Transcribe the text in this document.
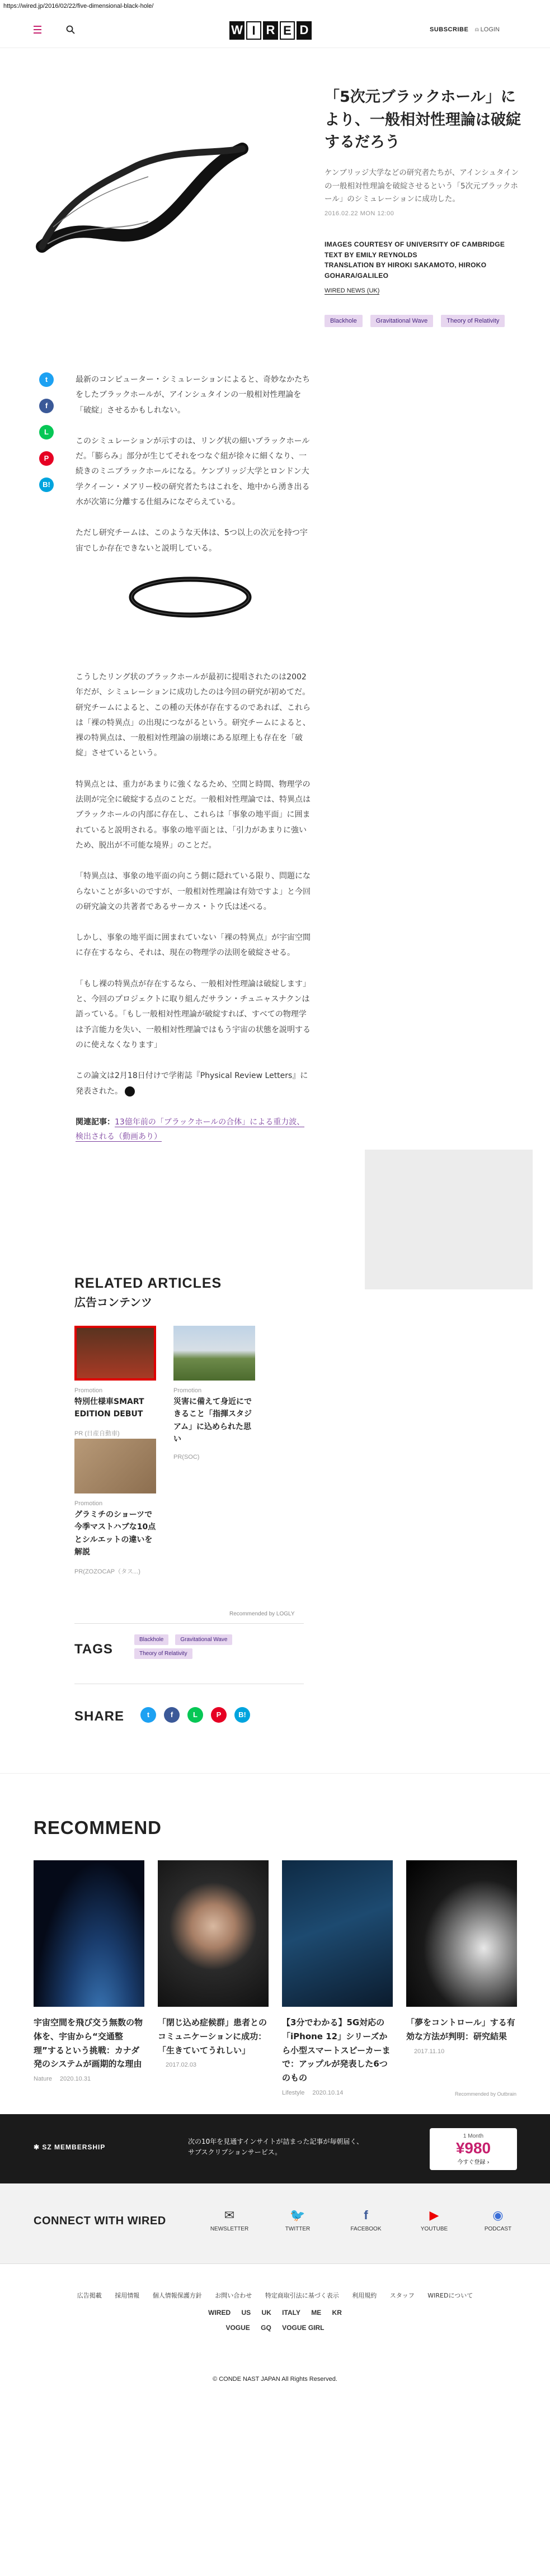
https://wired.jp/2016/02/22/five-dimensional-black-hole/
W I R E D	SUBSCRIBE ⍝ LOGIN
「5次元ブラックホール」により、一般相対性理論は破綻するだろう

ケンブリッジ大学などの研究者たちが、アインシュタインの一般相対性理論を破綻させるという「5次元ブラックホール」のシミュレーションに成功した。

2016.02.22 MON 12:00
IMAGES COURTESY OF UNIVERSITY OF CAMBRIDGE
TEXT BY EMILY REYNOLDS
TRANSLATION BY HIROKI SAKAMOTO, HIROKO GOHARA/GALILEO
WIRED NEWS (UK)
Blackhole	Gravitational Wave	Theory of Relativity
t
f
L
P
B!

最新のコンピューター・シミュレーションによると、奇妙なかたちをしたブラックホールが、アインシュタインの一般相対性理論を「破綻」させるかもしれない。

このシミュレーションが示すのは、リング状の細いブラックホールだ。「膨らみ」部分が生じてそれをつなぐ紐が徐々に細くなり、一続きのミニブラックホールになる。ケンブリッジ大学とロンドン大学クイーン・メアリー校の研究者たちはこれを、地中から湧き出る水が次第に分離する仕組みになぞらえている。

ただし研究チームは、このような天体は、5つ以上の次元を持つ宇宙でしか存在できないと説明している。

こうしたリング状のブラックホールが最初に提唱されたのは2002年だが、シミュレーションに成功したのは今回の研究が初めてだ。研究チームによると、この種の天体が存在するのであれば、これらは「裸の特異点」の出現につながるという。研究チームによると、裸の特異点は、一般相対性理論の崩壊にある原理上も存在を「破綻」させているという。

特異点とは、重力があまりに強くなるため、空間と時間、物理学の法則が完全に破綻する点のことだ。一般相対性理論では、特異点はブラックホールの内部に存在し、これらは「事象の地平面」に囲まれていると説明される。事象の地平面とは、「引力があまりに強いため、脱出が不可能な境界」のことだ。

「特異点は、事象の地平面の向こう側に隠れている限り、問題にならないことが多いのですが、一般相対性理論は有効ですよ」と今回の研究論文の共著者であるサーカス・トウ氏は述べる。

しかし、事象の地平面に囲まれていない「裸の特異点」が宇宙空間に存在するなら、それは、現在の物理学の法則を破綻させる。

「もし裸の特異点が存在するなら、一般相対性理論は破綻します」と、今回のプロジェクトに取り組んだサラン・チュニャスナクンは語っている。「もし一般相対性理論が破綻すれば、すべての物理学は予言能力を失い、一般相対性理論ではもう宇宙の状態を説明するのに使えなくなります」

この論文は2月18日付けで学術誌『Physical Review Letters』に発表された。

関連記事：13億年前の「ブラックホールの合体」による重力波、検出される（動画あり）

RELATED ARTICLES
広告コンテンツ
Promotion
特別仕様車SMART EDITION DEBUT
PR (日産自動車)
Promotion
災害に備えて身近にできること「指揮スタジアム」に込められた思い
PR(SOC)
Promotion
グラミチのショーツで今季マストハブな10点とシルエットの違いを解説
PR(ZOZOCAP（タス...)
Recommended by LOGLY
TAGS
Blackhole	Gravitational Wave
Theory of Relativity
SHARE	t	f	L	P	B!
RECOMMEND
宇宙空間を飛び交う無数の物体を、宇宙から“交通整理”するという挑戦：カナダ発のシステムが画期的な理由
Nature 2020.10.31
「閉じ込め症候群」患者とのコミュニケーションに成功：「生きていてうれしい」
2017.02.03
【3分でわかる】5G対応の「iPhone 12」シリーズから小型スマートスピーカーまで：アップルが発表した6つのもの
Lifestyle 2020.10.14
「夢をコントロール」する有効な方法が判明：研究結果
2017.11.10
Recommended by Outbrain
✱ SZ MEMBERSHIP
次の10年を見通すインサイトが詰まった記事が毎朝届く、
サブスクリプションサービス。
1 Month
¥980
今すぐ登録 ›
CONNECT WITH WIRED	✉
NEWSLETTER
🐦
TWITTER
f
FACEBOOK
▶
YOUTUBE
◉
PODCAST
広告掲載 採用情報 個人情報保護方針 お問い合わせ 特定商取引法に基づく表示 利用規約 スタッフ WIREDについて
WIRED US UK ITALY ME KR
VOGUE GQ VOGUE GIRL
© CONDE NAST JAPAN All Rights Reserved.
